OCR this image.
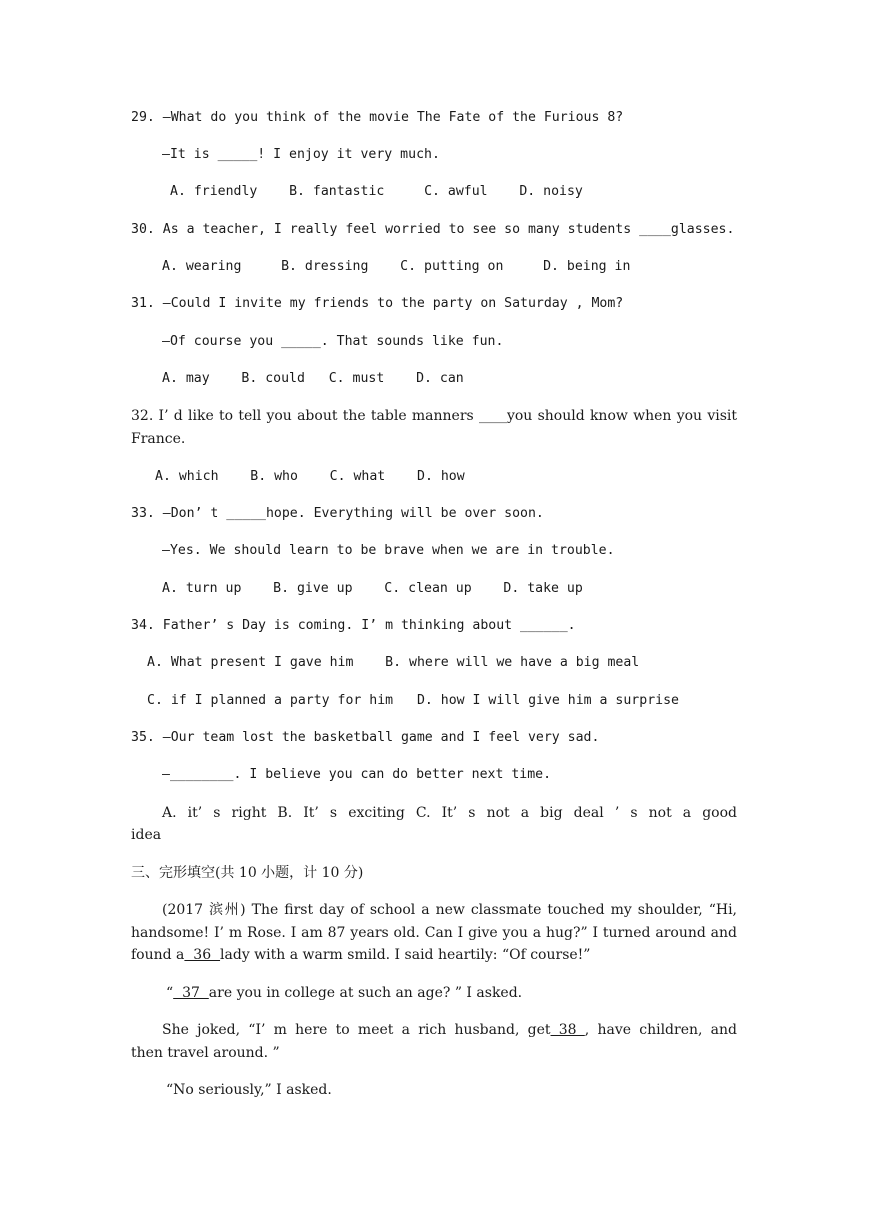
29. —What do you think of the movie The Fate of the Furious 8?
—It is _____! I enjoy it very much.
A. friendly    B. fantastic     C. awful    D. noisy
30. As a teacher, I really feel worried to see so many students ____glasses.
A. wearing     B. dressing    C. putting on     D. being in
31. —Could I invite my friends to the party on Saturday , Mom?
—Of course you _____. That sounds like fun.
A. may    B. could   C. must    D. can
32. I’ d like to tell you about the table manners ____you should know when you visit
France.
A. which    B. who    C. what    D. how
33. —Don’ t _____hope. Everything will be over soon.
—Yes. We should learn to be brave when we are in trouble.
A. turn up    B. give up    C. clean up    D. take up
34. Father’ s Day is coming. I’ m thinking about ______.
A. What present I gave him    B. where will we have a big meal
C. if I planned a party for him   D. how I will give him a surprise
35. —Our team lost the basketball game and I feel very sad.
—________. I believe you can do better next time.
A. it’ s right B. It’ s exciting C. It’ s not a big deal ’ s not a good
idea
三、完形填空(共 10 小题，计 10 分)
(2017 滨州) The first day of school a new classmate touched my shoulder, “Hi,
handsome! I’ m Rose. I am 87 years old. Can I give you a hug?” I turned around and
found a  36  lady with a warm smild. I said heartily: “Of course!”
“  37  are you in college at such an age? ” I asked.
She joked, “I’ m here to meet a rich husband, get 38 , have children, and
then travel around. ”
“No seriously,” I asked.
